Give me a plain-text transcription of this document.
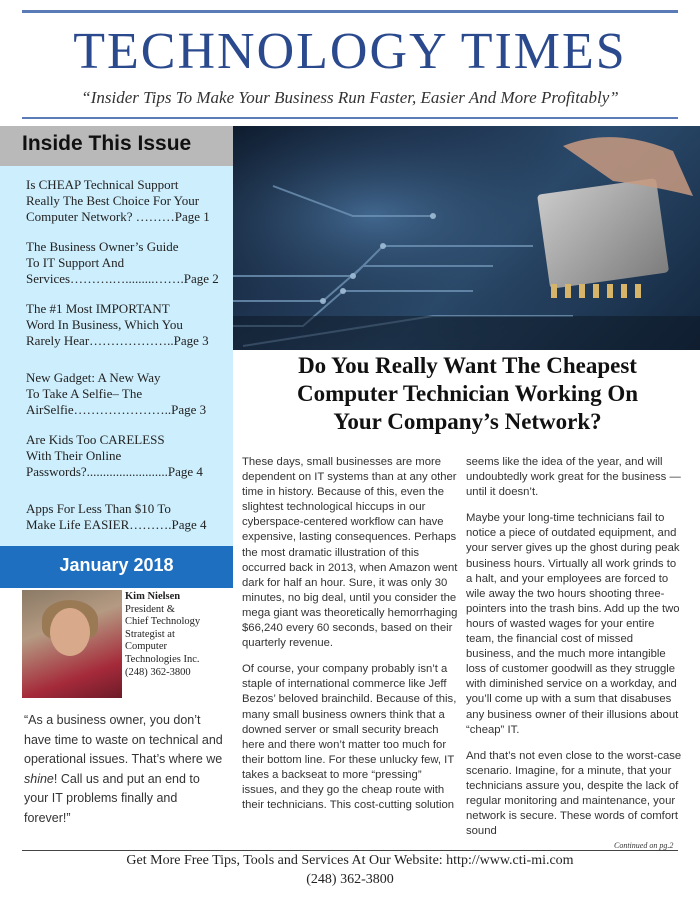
TECHNOLOGY TIMES
“Insider Tips To Make Your Business Run Faster, Easier And More Profitably”
Inside This Issue
Is CHEAP Technical Support
Really The Best Choice For Your
Computer Network? ………Page 1
The Business Owner’s Guide
To IT Support And
Services……….….........…….Page 2
The #1 Most IMPORTANT
Word In Business, Which You
Rarely Hear………………..Page 3
New Gadget: A New Way
To Take A Selfie– The
AirSelfie…………………..Page 3
Are Kids Too CARELESS
With Their Online
Passwords?.........................Page 4
Apps For Less Than $10 To
Make Life EASIER……….Page 4
January 2018
Kim Nielsen
President &
Chief Technology
Strategist at
Computer
Technologies Inc.
(248) 362-3800
“As a business owner, you don’t have time to waste on technical and operational issues. That’s where we shine! Call us and put an end to your IT problems finally and forever!”
Do You Really Want The Cheapest
Computer Technician Working On
Your Company’s Network?

These days, small businesses are more dependent on IT systems than at any other time in history. Because of this, even the slightest technological hiccups in our cyberspace-centered workflow can have expensive, lasting consequences. Perhaps the most dramatic illustration of this occurred back in 2013, when Amazon went dark for half an hour. Sure, it was only 30 minutes, no big deal, until you consider the mega giant was theoretically hemorrhaging $66,240 every 60 seconds, based on their quarterly revenue.

Of course, your company probably isn’t a staple of international commerce like Jeff Bezos’ beloved brainchild. Because of this, many small business owners think that a downed server or small security breach here and there won’t matter too much for their bottom line. For these unlucky few, IT takes a backseat to more “pressing” issues, and they go the cheap route with their technicians. This cost-cutting solution

seems like the idea of the year, and will undoubtedly work great for the business — until it doesn’t.

Maybe your long-time technicians fail to notice a piece of outdated equipment, and your server gives up the ghost during peak business hours. Virtually all work grinds to a halt, and your employees are forced to wile away the two hours shooting three-pointers into the trash bins. Add up the two hours of wasted wages for your entire team, the financial cost of missed business, and the much more intangible loss of customer goodwill as they struggle with diminished service on a workday, and you’ll come up with a sum that disabuses any business owner of their illusions about “cheap” IT.

And that’s not even close to the worst-case scenario. Imagine, for a minute, that your technicians assure you, despite the lack of regular monitoring and maintenance, your network is secure. These words of comfort sound

Continued on pg.2
Get More Free Tips, Tools and Services At Our Website: http://www.cti-mi.com
(248) 362-3800
